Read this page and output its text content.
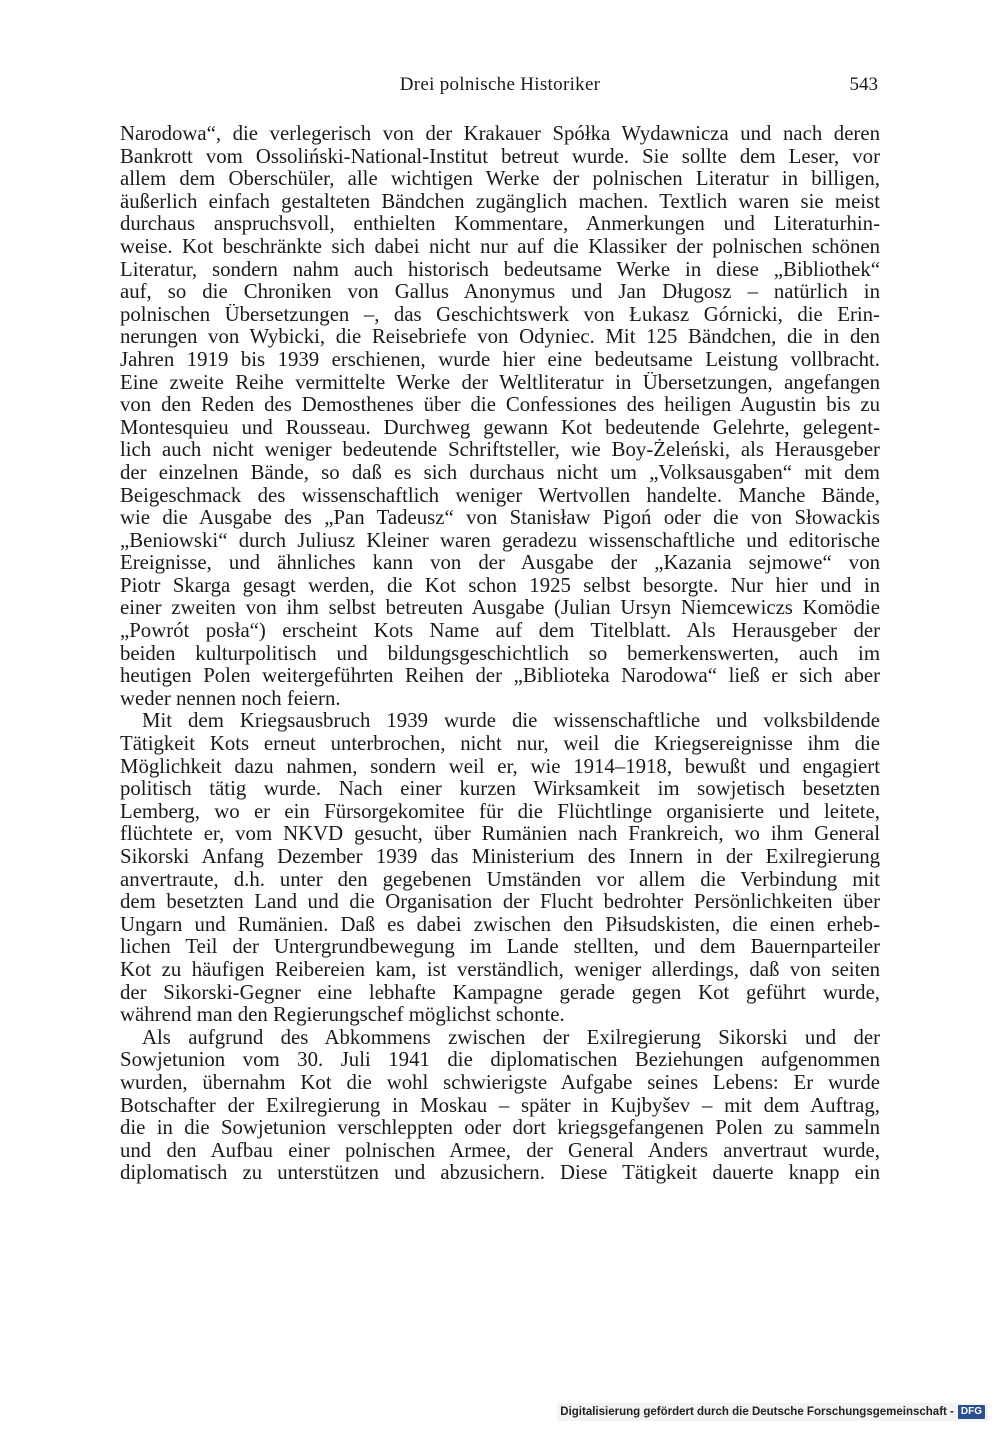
Drei polnische Historiker	543
Narodowa“, die verlegerisch von der Krakauer Spółka Wydawnicza und nach deren
Bankrott vom Ossoliński-National-Institut betreut wurde. Sie sollte dem Leser, vor
allem dem Oberschüler, alle wichtigen Werke der polnischen Literatur in billigen,
äußerlich einfach gestalteten Bändchen zugänglich machen. Textlich waren sie meist
durchaus anspruchsvoll, enthielten Kommentare, Anmerkungen und Literaturhin-
weise. Kot beschränkte sich dabei nicht nur auf die Klassiker der polnischen schönen
Literatur, sondern nahm auch historisch bedeutsame Werke in diese „Bibliothek“
auf, so die Chroniken von Gallus Anonymus und Jan Długosz – natürlich in
polnischen Übersetzungen –, das Geschichtswerk von Łukasz Górnicki, die Erin-
nerungen von Wybicki, die Reisebriefe von Odyniec. Mit 125 Bändchen, die in den
Jahren 1919 bis 1939 erschienen, wurde hier eine bedeutsame Leistung vollbracht.
Eine zweite Reihe vermittelte Werke der Weltliteratur in Übersetzungen, angefangen
von den Reden des Demosthenes über die Confessiones des heiligen Augustin bis zu
Montesquieu und Rousseau. Durchweg gewann Kot bedeutende Gelehrte, gelegent-
lich auch nicht weniger bedeutende Schriftsteller, wie Boy-Żeleński, als Herausgeber
der einzelnen Bände, so daß es sich durchaus nicht um „Volksausgaben“ mit dem
Beigeschmack des wissenschaftlich weniger Wertvollen handelte. Manche Bände,
wie die Ausgabe des „Pan Tadeusz“ von Stanisław Pigoń oder die von Słowackis
„Beniowski“ durch Juliusz Kleiner waren geradezu wissenschaftliche und editorische
Ereignisse, und ähnliches kann von der Ausgabe der „Kazania sejmowe“ von
Piotr Skarga gesagt werden, die Kot schon 1925 selbst besorgte. Nur hier und in
einer zweiten von ihm selbst betreuten Ausgabe (Julian Ursyn Niemcewiczs Komödie
„Powrót posła“) erscheint Kots Name auf dem Titelblatt. Als Herausgeber der
beiden kulturpolitisch und bildungsgeschichtlich so bemerkenswerten, auch im
heutigen Polen weitergeführten Reihen der „Biblioteka Narodowa“ ließ er sich aber
weder nennen noch feiern.
Mit dem Kriegsausbruch 1939 wurde die wissenschaftliche und volksbildende
Tätigkeit Kots erneut unterbrochen, nicht nur, weil die Kriegsereignisse ihm die
Möglichkeit dazu nahmen, sondern weil er, wie 1914–1918, bewußt und engagiert
politisch tätig wurde. Nach einer kurzen Wirksamkeit im sowjetisch besetzten
Lemberg, wo er ein Fürsorgekomitee für die Flüchtlinge organisierte und leitete,
flüchtete er, vom NKVD gesucht, über Rumänien nach Frankreich, wo ihm General
Sikorski Anfang Dezember 1939 das Ministerium des Innern in der Exilregierung
anvertraute, d.h. unter den gegebenen Umständen vor allem die Verbindung mit
dem besetzten Land und die Organisation der Flucht bedrohter Persönlichkeiten über
Ungarn und Rumänien. Daß es dabei zwischen den Piłsudskisten, die einen erheb-
lichen Teil der Untergrundbewegung im Lande stellten, und dem Bauernparteiler
Kot zu häufigen Reibereien kam, ist verständlich, weniger allerdings, daß von seiten
der Sikorski-Gegner eine lebhafte Kampagne gerade gegen Kot geführt wurde,
während man den Regierungschef möglichst schonte.
Als aufgrund des Abkommens zwischen der Exilregierung Sikorski und der
Sowjetunion vom 30. Juli 1941 die diplomatischen Beziehungen aufgenommen
wurden, übernahm Kot die wohl schwierigste Aufgabe seines Lebens: Er wurde
Botschafter der Exilregierung in Moskau – später in Kujbyšev – mit dem Auftrag,
die in die Sowjetunion verschleppten oder dort kriegsgefangenen Polen zu sammeln
und den Aufbau einer polnischen Armee, der General Anders anvertraut wurde,
diplomatisch zu unterstützen und abzusichern. Diese Tätigkeit dauerte knapp ein
Digitalisierung gefördert durch die Deutsche Forschungsgemeinschaft - DFG
